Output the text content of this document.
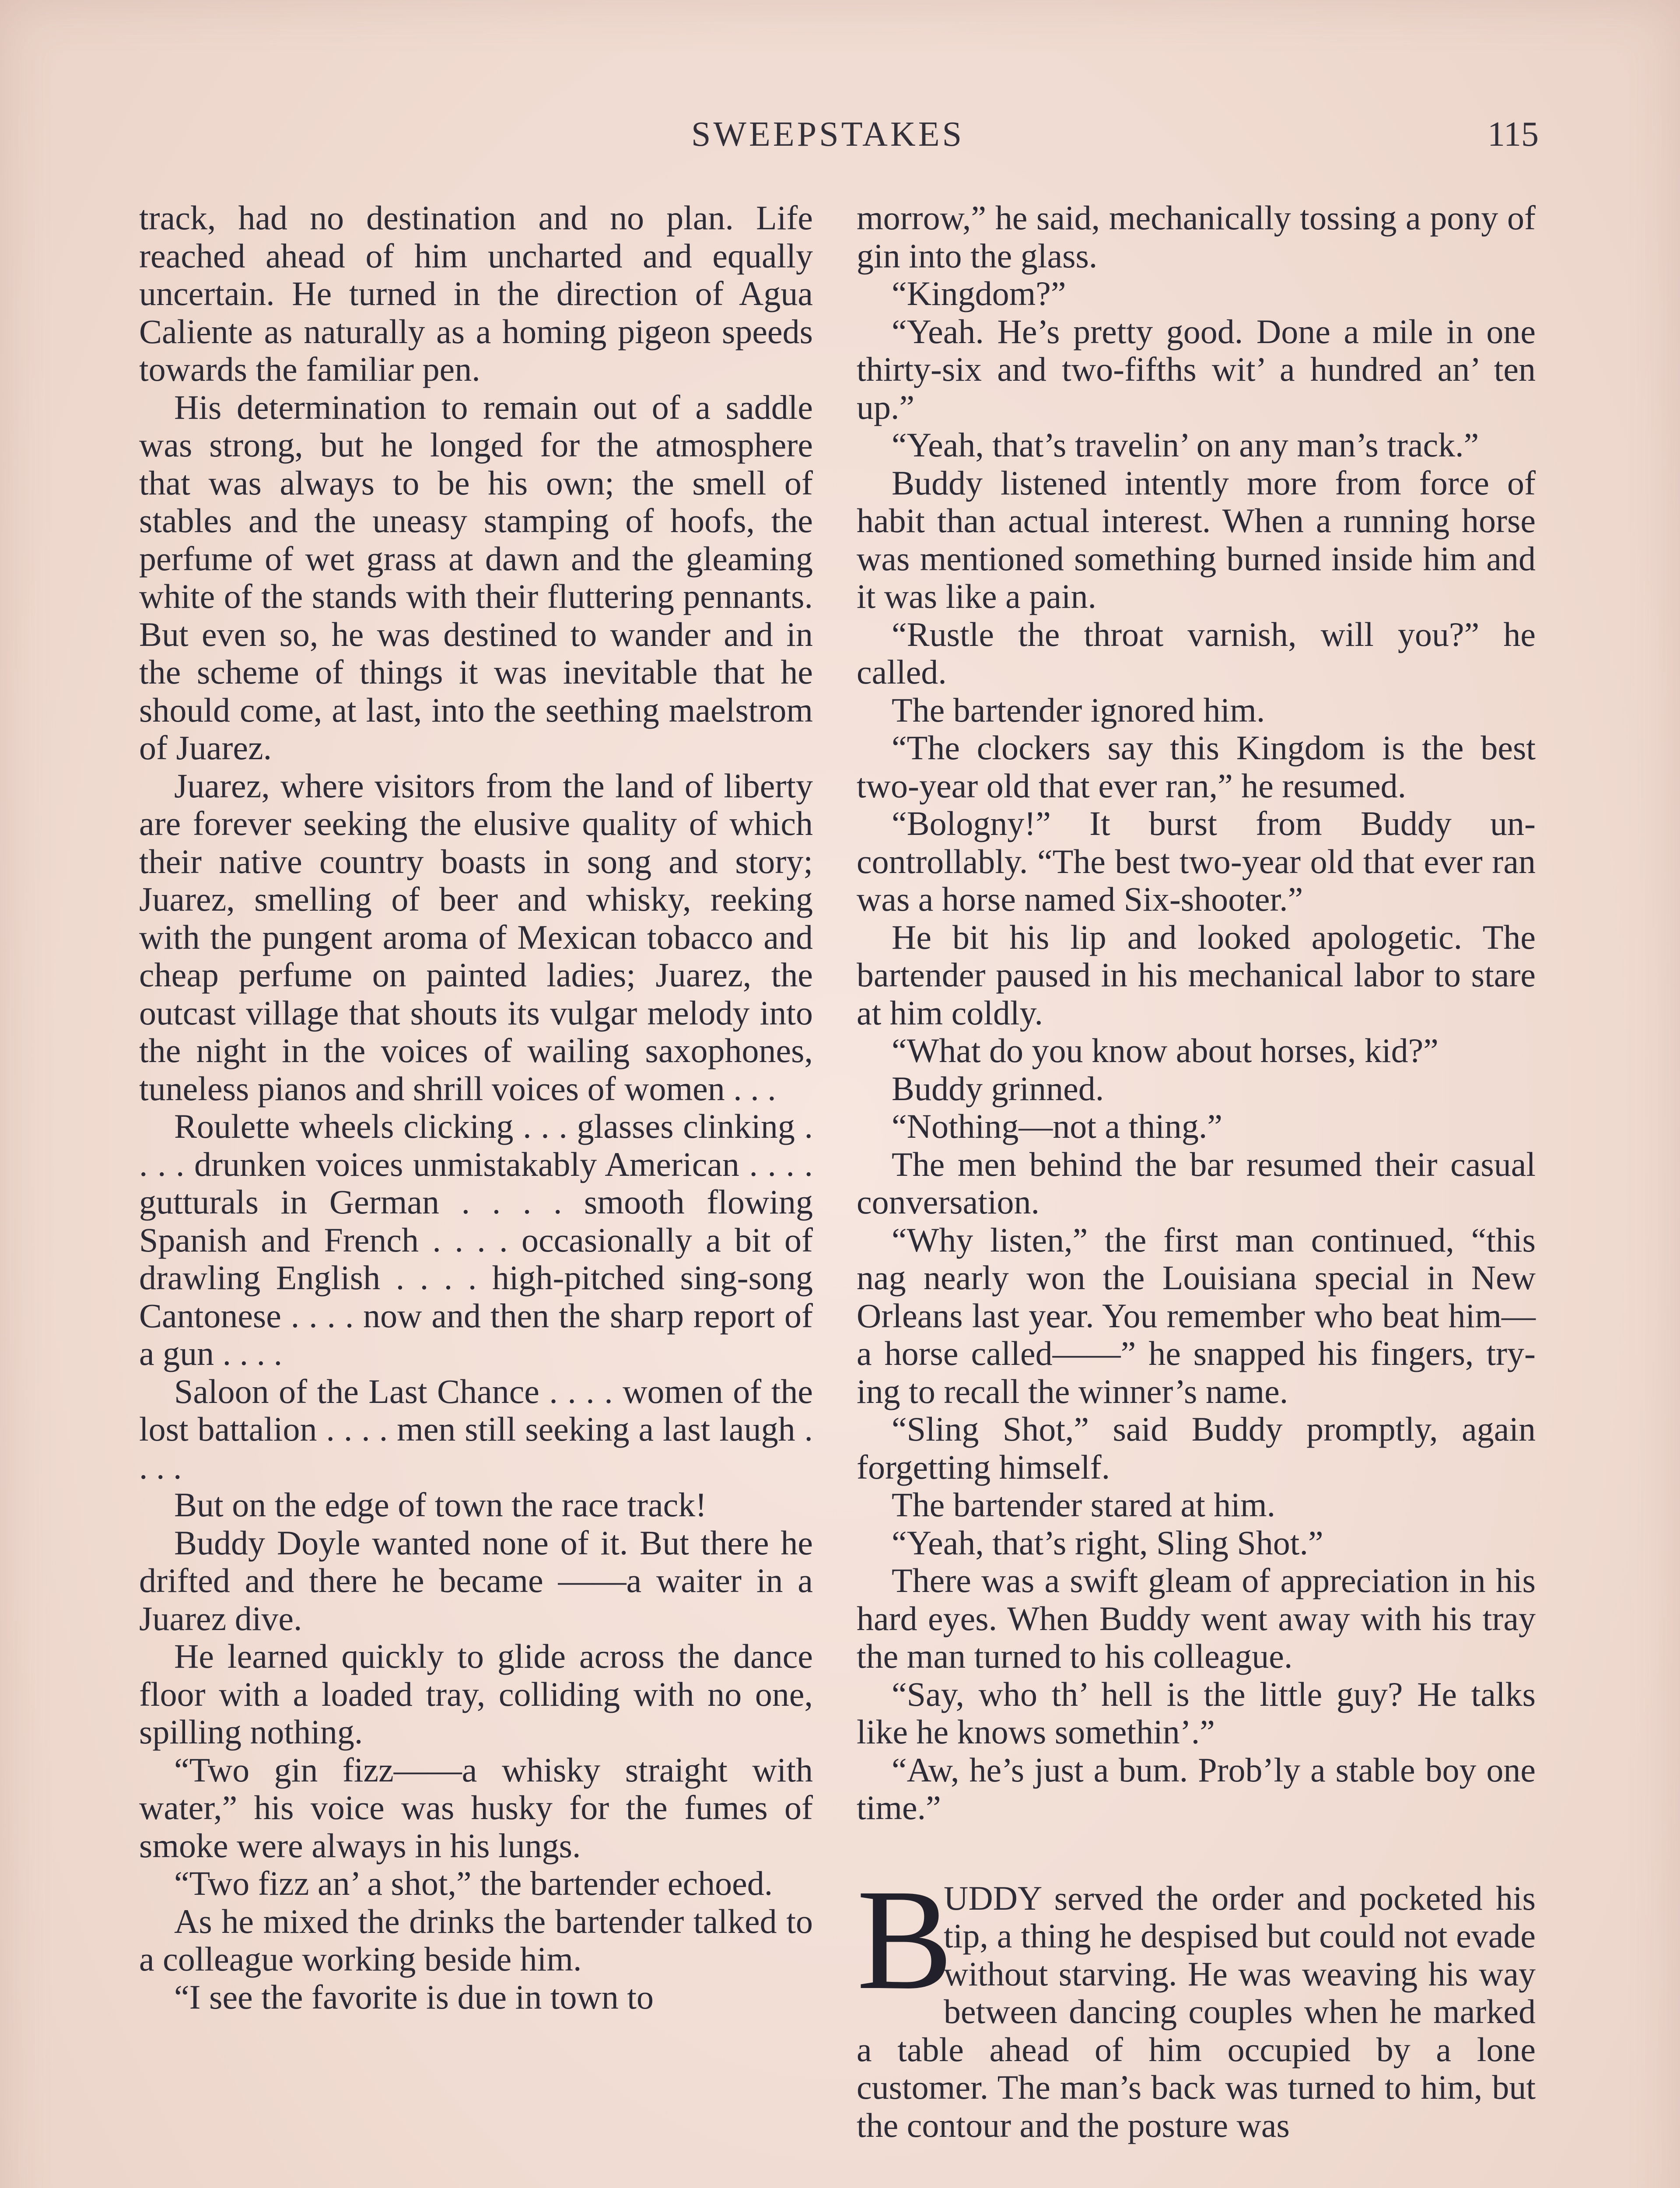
SWEEPSTAKES	115

track, had no destination and no plan. Life reached ahead of him uncharted and equally uncertain. He turned in the direction of Agua Caliente as naturally as a homing pigeon speeds towards the familiar pen.

His determination to remain out of a saddle was strong, but he longed for the atmosphere that was always to be his own; the smell of stables and the uneasy stamping of hoofs, the perfume of wet grass at dawn and the gleaming white of the stands with their fluttering pennants. But even so, he was destined to wander and in the scheme of things it was inevitable that he should come, at last, into the seething maelstrom of Juarez.

Juarez, where visitors from the land of liberty are forever seeking the elusive quality of which their native country boasts in song and story; Juarez, smelling of beer and whisky, reeking with the pungent aroma of Mexican tobacco and cheap perfume on painted ladies; Juarez, the outcast village that shouts its vulgar melody into the night in the voices of wailing saxophones, tuneless pianos and shrill voices of women . . .

Roulette wheels clicking . . . glasses clinking . . . . drunken voices unmistakably American . . . . gutturals in German . . . . smooth flowing Spanish and French . . . . occasionally a bit of drawling English . . . . high-pitched sing-song Cantonese . . . . now and then the sharp report of a gun . . . .

Saloon of the Last Chance . . . . women of the lost battalion . . . . men still seeking a last laugh . . . .

But on the edge of town the race track!

Buddy Doyle wanted none of it. But there he drifted and there he became ——a waiter in a Juarez dive.

He learned quickly to glide across the dance floor with a loaded tray, colliding with no one, spilling nothing.

“Two gin fizz——a whisky straight with water,” his voice was husky for the fumes of smoke were always in his lungs.

“Two fizz an’ a shot,” the bartender echoed.

As he mixed the drinks the bartender talked to a colleague working beside him.

“I see the favorite is due in town to

morrow,” he said, mechanically tossing a pony of gin into the glass.

“Kingdom?”

“Yeah. He’s pretty good. Done a mile in one thirty-six and two-fifths wit’ a hundred an’ ten up.”

“Yeah, that’s travelin’ on any man’s track.”

Buddy listened intently more from force of habit than actual interest. When a running horse was mentioned something burned inside him and it was like a pain.

“Rustle the throat varnish, will you?” he called.

The bartender ignored him.

“The clockers say this Kingdom is the best two-year old that ever ran,” he resumed.

“Bologny!” It burst from Buddy uncontrollably. “The best two-year old that ever ran was a horse named Six-shooter.”

He bit his lip and looked apologetic. The bartender paused in his mechanical labor to stare at him coldly.

“What do you know about horses, kid?”

Buddy grinned.

“Nothing—not a thing.”

The men behind the bar resumed their casual conversation.

“Why listen,” the first man continued, “this nag nearly won the Louisiana special in New Orleans last year. You remember who beat him—a horse called——” he snapped his fingers, trying to recall the winner’s name.

“Sling Shot,” said Buddy promptly, again forgetting himself.

The bartender stared at him.

“Yeah, that’s right, Sling Shot.”

There was a swift gleam of appreciation in his hard eyes. When Buddy went away with his tray the man turned to his colleague.

“Say, who th’ hell is the little guy? He talks like he knows somethin’.”

“Aw, he’s just a bum. Prob’ly a stable boy one time.”

B

UDDY served the order and pocketed his tip, a thing he despised but could not evade without starving. He was weaving his way between dancing couples when he marked a table ahead of him occupied by a lone customer. The man’s back was turned to him, but the contour and the posture was
